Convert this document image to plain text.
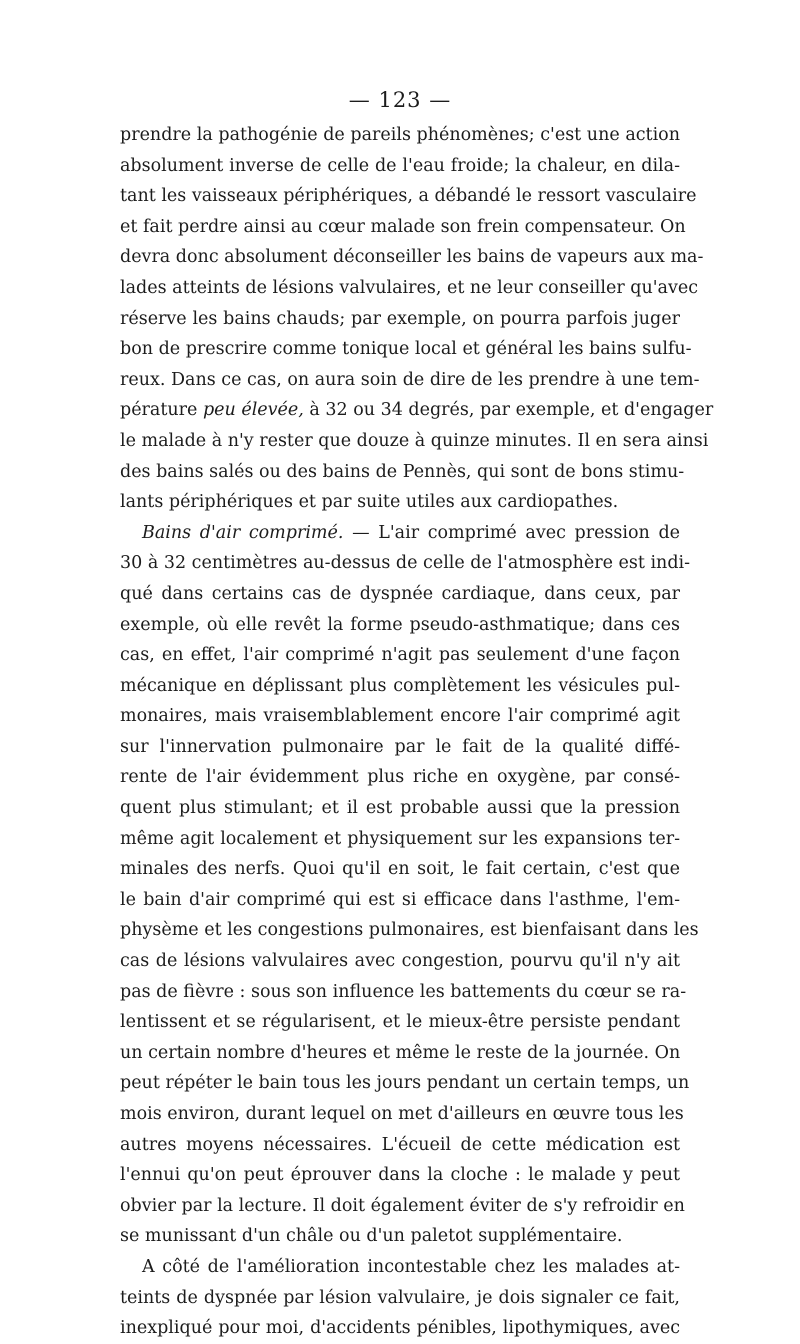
— 123 —
prendre la pathogénie de pareils phénomènes; c'est une action
absolument inverse de celle de l'eau froide; la chaleur, en dila-
tant les vaisseaux périphériques, a débandé le ressort vasculaire
et fait perdre ainsi au cœur malade son frein compensateur. On
devra donc absolument déconseiller les bains de vapeurs aux ma-
lades atteints de lésions valvulaires, et ne leur conseiller qu'avec
réserve les bains chauds; par exemple, on pourra parfois juger
bon de prescrire comme tonique local et général les bains sulfu-
reux. Dans ce cas, on aura soin de dire de les prendre à une tem-
pérature peu élevée, à 32 ou 34 degrés, par exemple, et d'engager
le malade à n'y rester que douze à quinze minutes. Il en sera ainsi
des bains salés ou des bains de Pennès, qui sont de bons stimu-
lants périphériques et par suite utiles aux cardiopathes.
Bains d'air comprimé. — L'air comprimé avec pression de
30 à 32 centimètres au-dessus de celle de l'atmosphère est indi-
qué dans certains cas de dyspnée cardiaque, dans ceux, par
exemple, où elle revêt la forme pseudo-asthmatique; dans ces
cas, en effet, l'air comprimé n'agit pas seulement d'une façon
mécanique en déplissant plus complètement les vésicules pul-
monaires, mais vraisemblablement encore l'air comprimé agit
sur l'innervation pulmonaire par le fait de la qualité diffé-
rente de l'air évidemment plus riche en oxygène, par consé-
quent plus stimulant; et il est probable aussi que la pression
même agit localement et physiquement sur les expansions ter-
minales des nerfs. Quoi qu'il en soit, le fait certain, c'est que
le bain d'air comprimé qui est si efficace dans l'asthme, l'em-
physème et les congestions pulmonaires, est bienfaisant dans les
cas de lésions valvulaires avec congestion, pourvu qu'il n'y ait
pas de fièvre : sous son influence les battements du cœur se ra-
lentissent et se régularisent, et le mieux-être persiste pendant
un certain nombre d'heures et même le reste de la journée. On
peut répéter le bain tous les jours pendant un certain temps, un
mois environ, durant lequel on met d'ailleurs en œuvre tous les
autres moyens nécessaires. L'écueil de cette médication est
l'ennui qu'on peut éprouver dans la cloche : le malade y peut
obvier par la lecture. Il doit également éviter de s'y refroidir en
se munissant d'un châle ou d'un paletot supplémentaire.
A côté de l'amélioration incontestable chez les malades at-
teints de dyspnée par lésion valvulaire, je dois signaler ce fait,
inexpliqué pour moi, d'accidents pénibles, lipothymiques, avec
